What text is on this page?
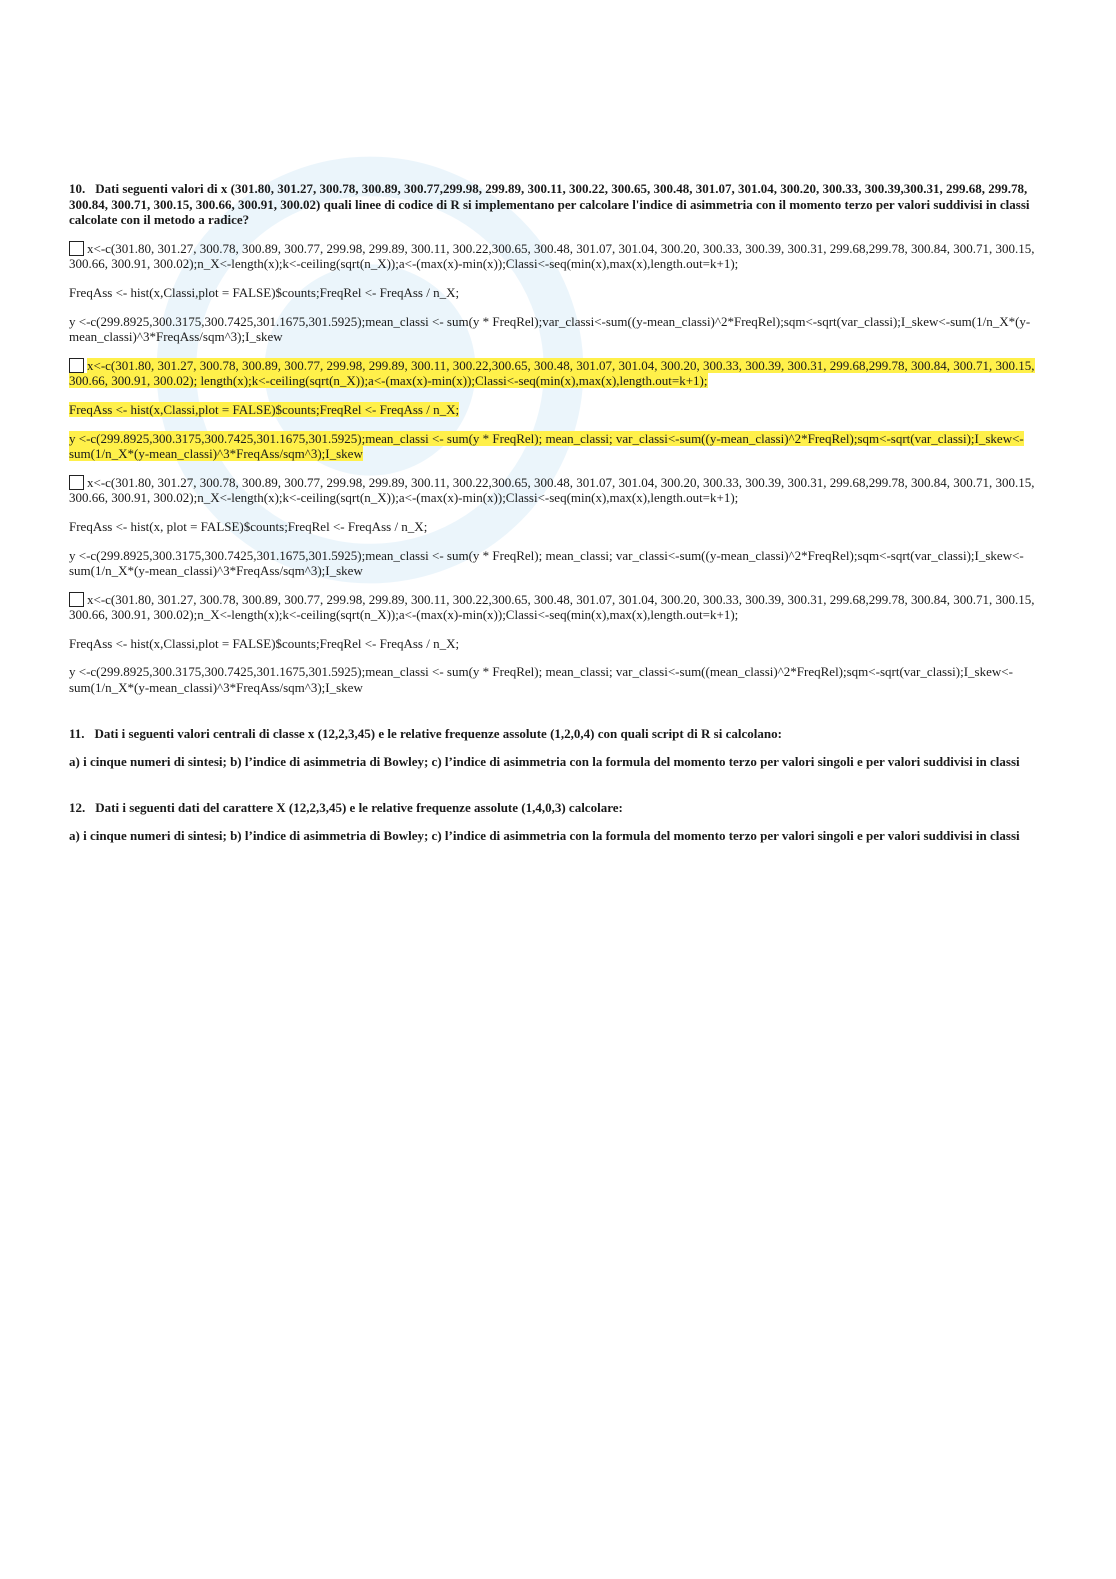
10. Dati seguenti valori di x (301.80, 301.27, 300.78, 300.89, 300.77,299.98, 299.89, 300.11, 300.22, 300.65, 300.48, 301.07, 301.04, 300.20, 300.33, 300.39,300.31, 299.68, 299.78, 300.84, 300.71, 300.15, 300.66, 300.91, 300.02) quali linee di codice di R si implementano per calcolare l'indice di asimmetria con il momento terzo per valori suddivisi in classi calcolate con il metodo a radice?

x<-c(301.80, 301.27, 300.78, 300.89, 300.77, 299.98, 299.89, 300.11, 300.22,300.65, 300.48, 301.07, 301.04, 300.20, 300.33, 300.39, 300.31, 299.68,299.78, 300.84, 300.71, 300.15, 300.66, 300.91, 300.02);n_X<-length(x);k<-ceiling(sqrt(n_X));a<-(max(x)-min(x));Classi<-seq(min(x),max(x),length.out=k+1);

FreqAss <- hist(x,Classi,plot = FALSE)$counts;FreqRel <- FreqAss / n_X;

y <-c(299.8925,300.3175,300.7425,301.1675,301.5925);mean_classi <- sum(y * FreqRel);var_classi<-sum((y-mean_classi)^2*FreqRel);sqm<-sqrt(var_classi);I_skew<-sum(1/n_X*(y-mean_classi)^3*FreqAss/sqm^3);I_skew

x<-c(301.80, 301.27, 300.78, 300.89, 300.77, 299.98, 299.89, 300.11, 300.22,300.65, 300.48, 301.07, 301.04, 300.20, 300.33, 300.39, 300.31, 299.68,299.78, 300.84, 300.71, 300.15, 300.66, 300.91, 300.02); length(x);k<-ceiling(sqrt(n_X));a<-(max(x)-min(x));Classi<-seq(min(x),max(x),length.out=k+1);

FreqAss <- hist(x,Classi,plot = FALSE)$counts;FreqRel <- FreqAss / n_X;

y <-c(299.8925,300.3175,300.7425,301.1675,301.5925);mean_classi <- sum(y * FreqRel); mean_classi; var_classi<-sum((y-mean_classi)^2*FreqRel);sqm<-sqrt(var_classi);I_skew<-sum(1/n_X*(y-mean_classi)^3*FreqAss/sqm^3);I_skew

x<-c(301.80, 301.27, 300.78, 300.89, 300.77, 299.98, 299.89, 300.11, 300.22,300.65, 300.48, 301.07, 301.04, 300.20, 300.33, 300.39, 300.31, 299.68,299.78, 300.84, 300.71, 300.15, 300.66, 300.91, 300.02);n_X<-length(x);k<-ceiling(sqrt(n_X));a<-(max(x)-min(x));Classi<-seq(min(x),max(x),length.out=k+1);

FreqAss <- hist(x, plot = FALSE)$counts;FreqRel <- FreqAss / n_X;

y <-c(299.8925,300.3175,300.7425,301.1675,301.5925);mean_classi <- sum(y * FreqRel); mean_classi; var_classi<-sum((y-mean_classi)^2*FreqRel);sqm<-sqrt(var_classi);I_skew<-sum(1/n_X*(y-mean_classi)^3*FreqAss/sqm^3);I_skew

x<-c(301.80, 301.27, 300.78, 300.89, 300.77, 299.98, 299.89, 300.11, 300.22,300.65, 300.48, 301.07, 301.04, 300.20, 300.33, 300.39, 300.31, 299.68,299.78, 300.84, 300.71, 300.15, 300.66, 300.91, 300.02);n_X<-length(x);k<-ceiling(sqrt(n_X));a<-(max(x)-min(x));Classi<-seq(min(x),max(x),length.out=k+1);

FreqAss <- hist(x,Classi,plot = FALSE)$counts;FreqRel <- FreqAss / n_X;

y <-c(299.8925,300.3175,300.7425,301.1675,301.5925);mean_classi <- sum(y * FreqRel); mean_classi; var_classi<-sum((mean_classi)^2*FreqRel);sqm<-sqrt(var_classi);I_skew<-sum(1/n_X*(y-mean_classi)^3*FreqAss/sqm^3);I_skew

11. Dati i seguenti valori centrali di classe x (12,2,3,45) e le relative frequenze assolute (1,2,0,4) con quali script di R si calcolano:

a) i cinque numeri di sintesi; b) l’indice di asimmetria di Bowley; c) l’indice di asimmetria con la formula del momento terzo per valori singoli e per valori suddivisi in classi

12. Dati i seguenti dati del carattere X (12,2,3,45) e le relative frequenze assolute (1,4,0,3) calcolare:

a) i cinque numeri di sintesi; b) l’indice di asimmetria di Bowley; c) l’indice di asimmetria con la formula del momento terzo per valori singoli e per valori suddivisi in classi
